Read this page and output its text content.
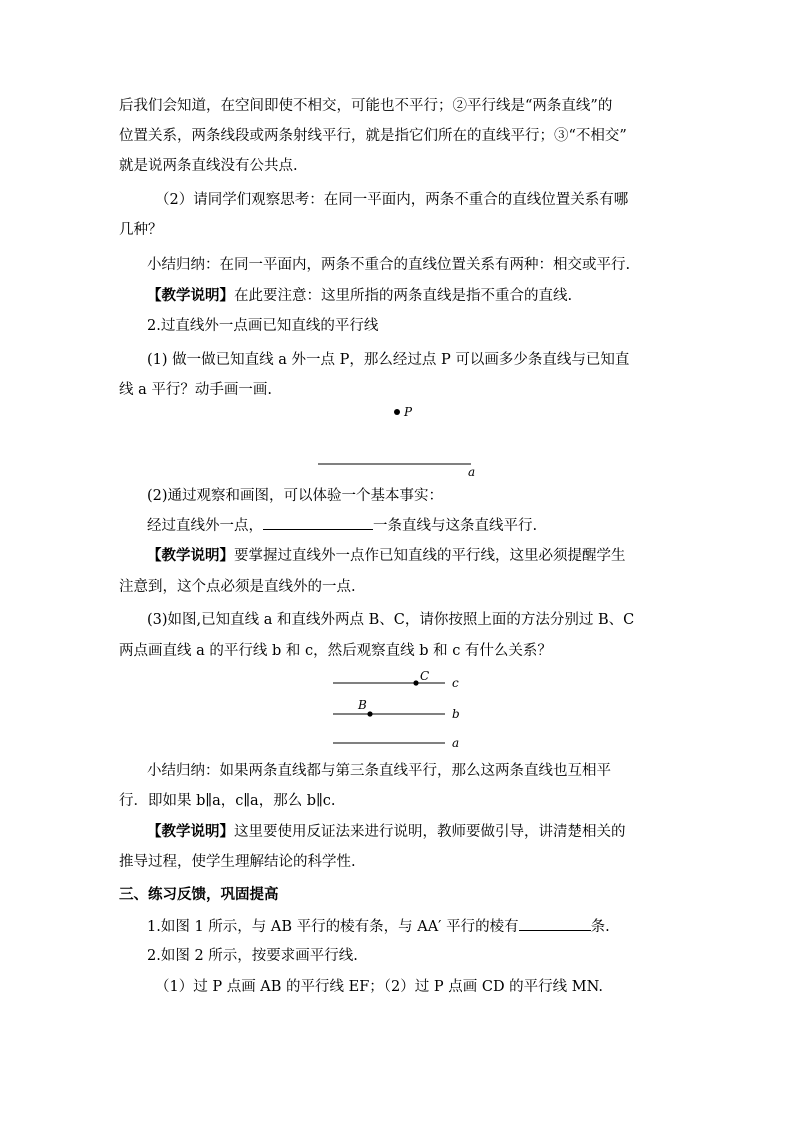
后我们会知道，在空间即使不相交，可能也不平行；②平行线是“两条直线”的
位置关系，两条线段或两条射线平行，就是指它们所在的直线平行；③“不相交”
就是说两条直线没有公共点.
（2）请同学们观察思考：在同一平面内，两条不重合的直线位置关系有哪
几种？
小结归纳：在同一平面内，两条不重合的直线位置关系有两种：相交或平行.
【教学说明】在此要注意：这里所指的两条直线是指不重合的直线.
2.过直线外一点画已知直线的平行线
(1) 做一做已知直线 a 外一点 P，那么经过点 P 可以画多少条直线与已知直
线 a 平行？动手画一画.
P
a
(2)通过观察和画图，可以体验一个基本事实：
经过直线外一点，	一条直线与这条直线平行.
【教学说明】要掌握过直线外一点作已知直线的平行线，这里必须提醒学生
注意到，这个点必须是直线外的一点.
(3)如图,已知直线 a 和直线外两点 B、C，请你按照上面的方法分别过 B、C
两点画直线 a 的平行线 b 和 c，然后观察直线 b 和 c 有什么关系？
C c
B
b
a
小结归纳：如果两条直线都与第三条直线平行，那么这两条直线也互相平
行．即如果 b∥a，c∥a，那么 b∥c.
【教学说明】这里要使用反证法来进行说明，教师要做引导，讲清楚相关的
推导过程，使学生理解结论的科学性.
三、练习反馈，巩固提高
1.如图 1 所示，与 AB 平行的棱有条，与 AA′ 平行的棱有	条.
2.如图 2 所示，按要求画平行线.
（1）过 P 点画 AB 的平行线 EF；（2）过 P 点画 CD 的平行线 MN.
